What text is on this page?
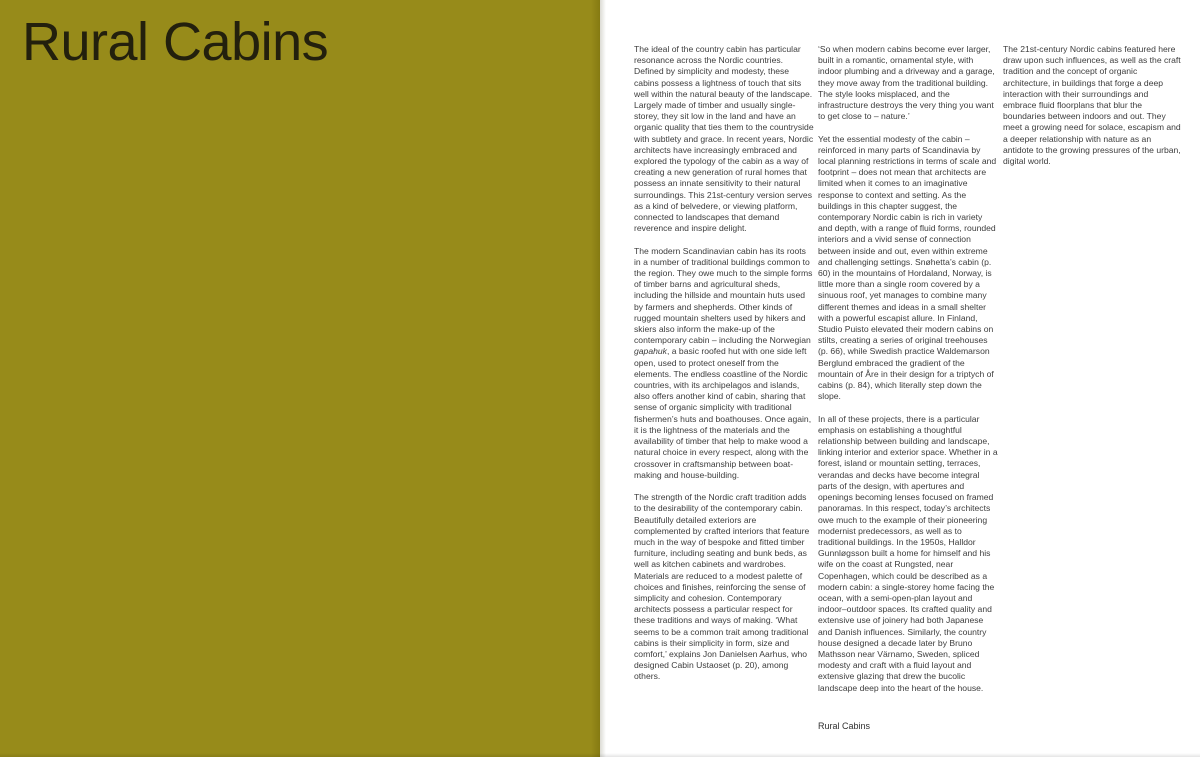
Rural Cabins	The ideal of the country cabin has particular resonance across the Nordic countries. Defined by simplicity and modesty, these cabins possess a lightness of touch that sits well within the natural beauty of the landscape. Largely made of timber and usually single-storey, they sit low in the land and have an organic quality that ties them to the countryside with subtlety and grace. In recent years, Nordic architects have increasingly embraced and explored the typology of the cabin as a way of creating a new generation of rural homes that possess an innate sensitivity to their natural surroundings. This 21st-century version serves as a kind of belvedere, or viewing platform, connected to landscapes that demand reverence and inspire delight.

The modern Scandinavian cabin has its roots in a number of traditional buildings common to the region. They owe much to the simple forms of timber barns and agricultural sheds, including the hillside and mountain huts used by farmers and shepherds. Other kinds of rugged mountain shelters used by hikers and skiers also inform the make-up of the contemporary cabin – including the Norwegian gapahuk, a basic roofed hut with one side left open, used to protect oneself from the elements. The endless coastline of the Nordic countries, with its archipelagos and islands, also offers another kind of cabin, sharing that sense of organic simplicity with traditional fishermen’s huts and boathouses. Once again, it is the lightness of the materials and the availability of timber that help to make wood a natural choice in every respect, along with the crossover in craftsmanship between boat-making and house-building.

The strength of the Nordic craft tradition adds to the desirability of the contemporary cabin. Beautifully detailed exteriors are complemented by crafted interiors that feature much in the way of bespoke and fitted timber furniture, including seating and bunk beds, as well as kitchen cabinets and wardrobes. Materials are reduced to a modest palette of choices and finishes, reinforcing the sense of simplicity and cohesion. Contemporary architects possess a particular respect for these traditions and ways of making. ‘What seems to be a common trait among traditional cabins is their simplicity in form, size and comfort,’ explains Jon Danielsen Aarhus, who designed Cabin Ustaoset (p. 20), among others.

‘So when modern cabins become ever larger, built in a romantic, ornamental style, with indoor plumbing and a driveway and a garage, they move away from the traditional building. The style looks misplaced, and the infrastructure destroys the very thing you want to get close to – nature.’

Yet the essential modesty of the cabin – reinforced in many parts of Scandinavia by local planning restrictions in terms of scale and footprint – does not mean that architects are limited when it comes to an imaginative response to context and setting. As the buildings in this chapter suggest, the contemporary Nordic cabin is rich in variety and depth, with a range of fluid forms, rounded interiors and a vivid sense of connection between inside and out, even within extreme and challenging settings. Snøhetta’s cabin (p. 60) in the mountains of Hordaland, Norway, is little more than a single room covered by a sinuous roof, yet manages to combine many different themes and ideas in a small shelter with a powerful escapist allure. In Finland, Studio Puisto elevated their modern cabins on stilts, creating a series of original treehouses (p. 66), while Swedish practice Waldemarson Berglund embraced the gradient of the mountain of Åre in their design for a triptych of cabins (p. 84), which literally step down the slope.

In all of these projects, there is a particular emphasis on establishing a thoughtful relationship between building and landscape, linking interior and exterior space. Whether in a forest, island or mountain setting, terraces, verandas and decks have become integral parts of the design, with apertures and openings becoming lenses focused on framed panoramas. In this respect, today’s architects owe much to the example of their pioneering modernist predecessors, as well as to traditional buildings. In the 1950s, Halldor Gunnløgsson built a home for himself and his wife on the coast at Rungsted, near Copenhagen, which could be described as a modern cabin: a single-storey home facing the ocean, with a semi-open-plan layout and indoor–outdoor spaces. Its crafted quality and extensive use of joinery had both Japanese and Danish influences. Similarly, the country house designed a decade later by Bruno Mathsson near Värnamo, Sweden, spliced modesty and craft with a fluid layout and extensive glazing that drew the bucolic landscape deep into the heart of the house.

The 21st-century Nordic cabins featured here draw upon such influences, as well as the craft tradition and the concept of organic architecture, in buildings that forge a deep interaction with their surroundings and embrace fluid floorplans that blur the boundaries between indoors and out. They meet a growing need for solace, escapism and a deeper relationship with nature as an antidote to the growing pressures of the urban, digital world.

Rural Cabins
